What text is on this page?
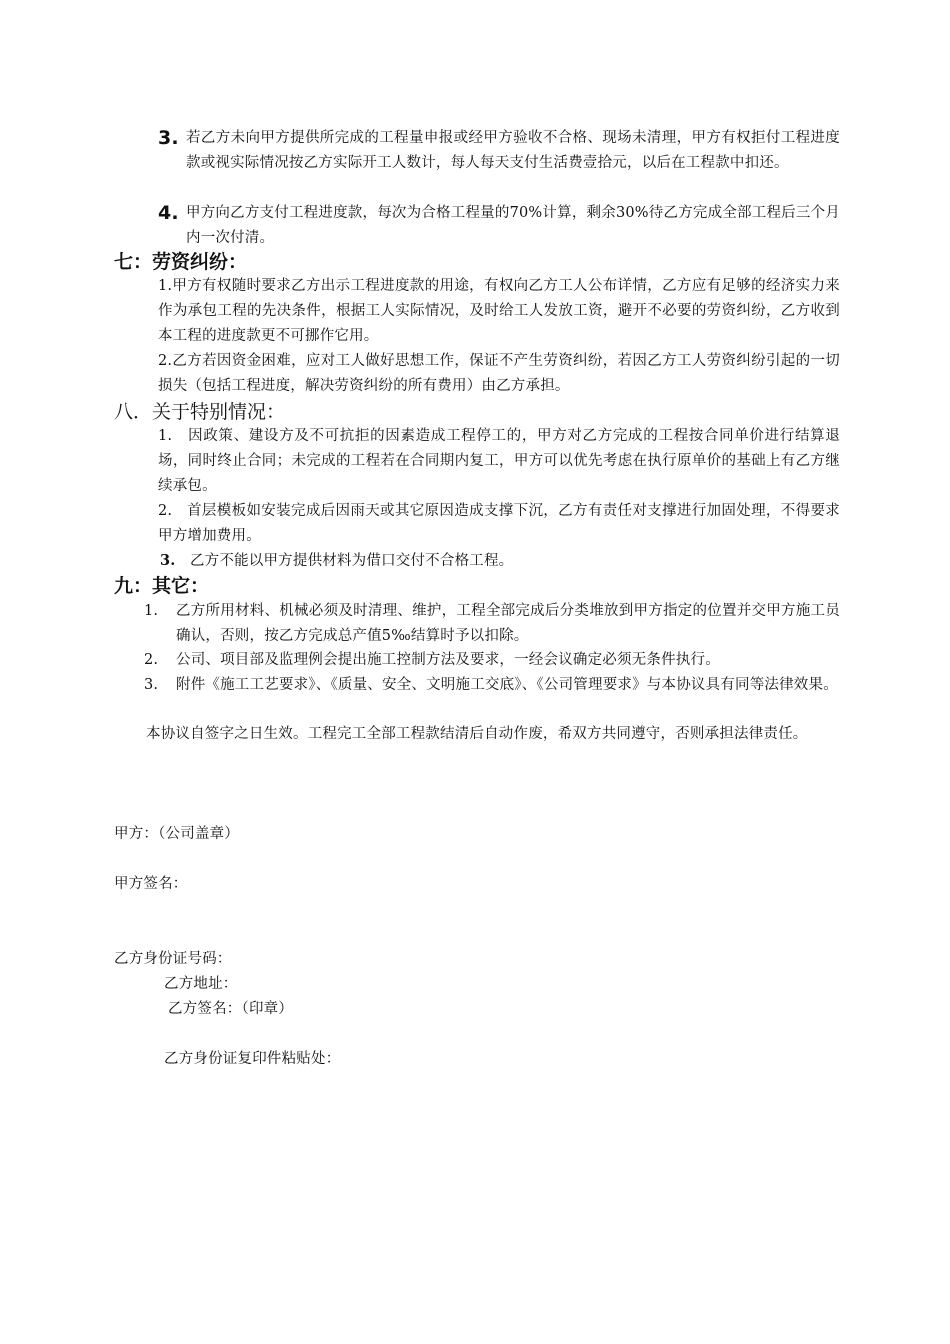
3. 若乙方未向甲方提供所完成的工程量申报或经甲方验收不合格、现场未清理，甲方有权拒付工程进度款或视实际情况按乙方实际开工人数计，每人每天支付生活费壹拾元，以后在工程款中扣还。
4. 甲方向乙方支付工程进度款，每次为合格工程量的70%计算，剩余30%待乙方完成全部工程后三个月内一次付清。
七：劳资纠纷：
1.甲方有权随时要求乙方出示工程进度款的用途，有权向乙方工人公布详情，乙方应有足够的经济实力来作为承包工程的先决条件，根据工人实际情况，及时给工人发放工资，避开不必要的劳资纠纷，乙方收到本工程的进度款更不可挪作它用。
2.乙方若因资金困难，应对工人做好思想工作，保证不产生劳资纠纷，若因乙方工人劳资纠纷引起的一切损失（包括工程进度，解决劳资纠纷的所有费用）由乙方承担。
八．关于特别情况：
1.   因政策、建设方及不可抗拒的因素造成工程停工的，甲方对乙方完成的工程按合同单价进行结算退场，同时终止合同；未完成的工程若在合同期内复工，甲方可以优先考虑在执行原单价的基础上有乙方继续承包。
2.   首层模板如安装完成后因雨天或其它原因造成支撑下沉，乙方有责任对支撑进行加固处理，不得要求甲方增加费用。
3. 乙方不能以甲方提供材料为借口交付不合格工程。
九：其它：
1. 乙方所用材料、机械必须及时清理、维护，工程全部完成后分类堆放到甲方指定的位置并交甲方施工员确认，否则，按乙方完成总产值5‰结算时予以扣除。
2. 公司、项目部及监理例会提出施工控制方法及要求，一经会议确定必须无条件执行。
3. 附件《施工工艺要求》、《质量、安全、文明施工交底》、《公司管理要求》与本协议具有同等法律效果。
本协议自签字之日生效。工程完工全部工程款结清后自动作废，希双方共同遵守，否则承担法律责任。
甲方：（公司盖章）
甲方签名：
乙方身份证号码：
乙方地址：
乙方签名：（印章）
乙方身份证复印件粘贴处：
